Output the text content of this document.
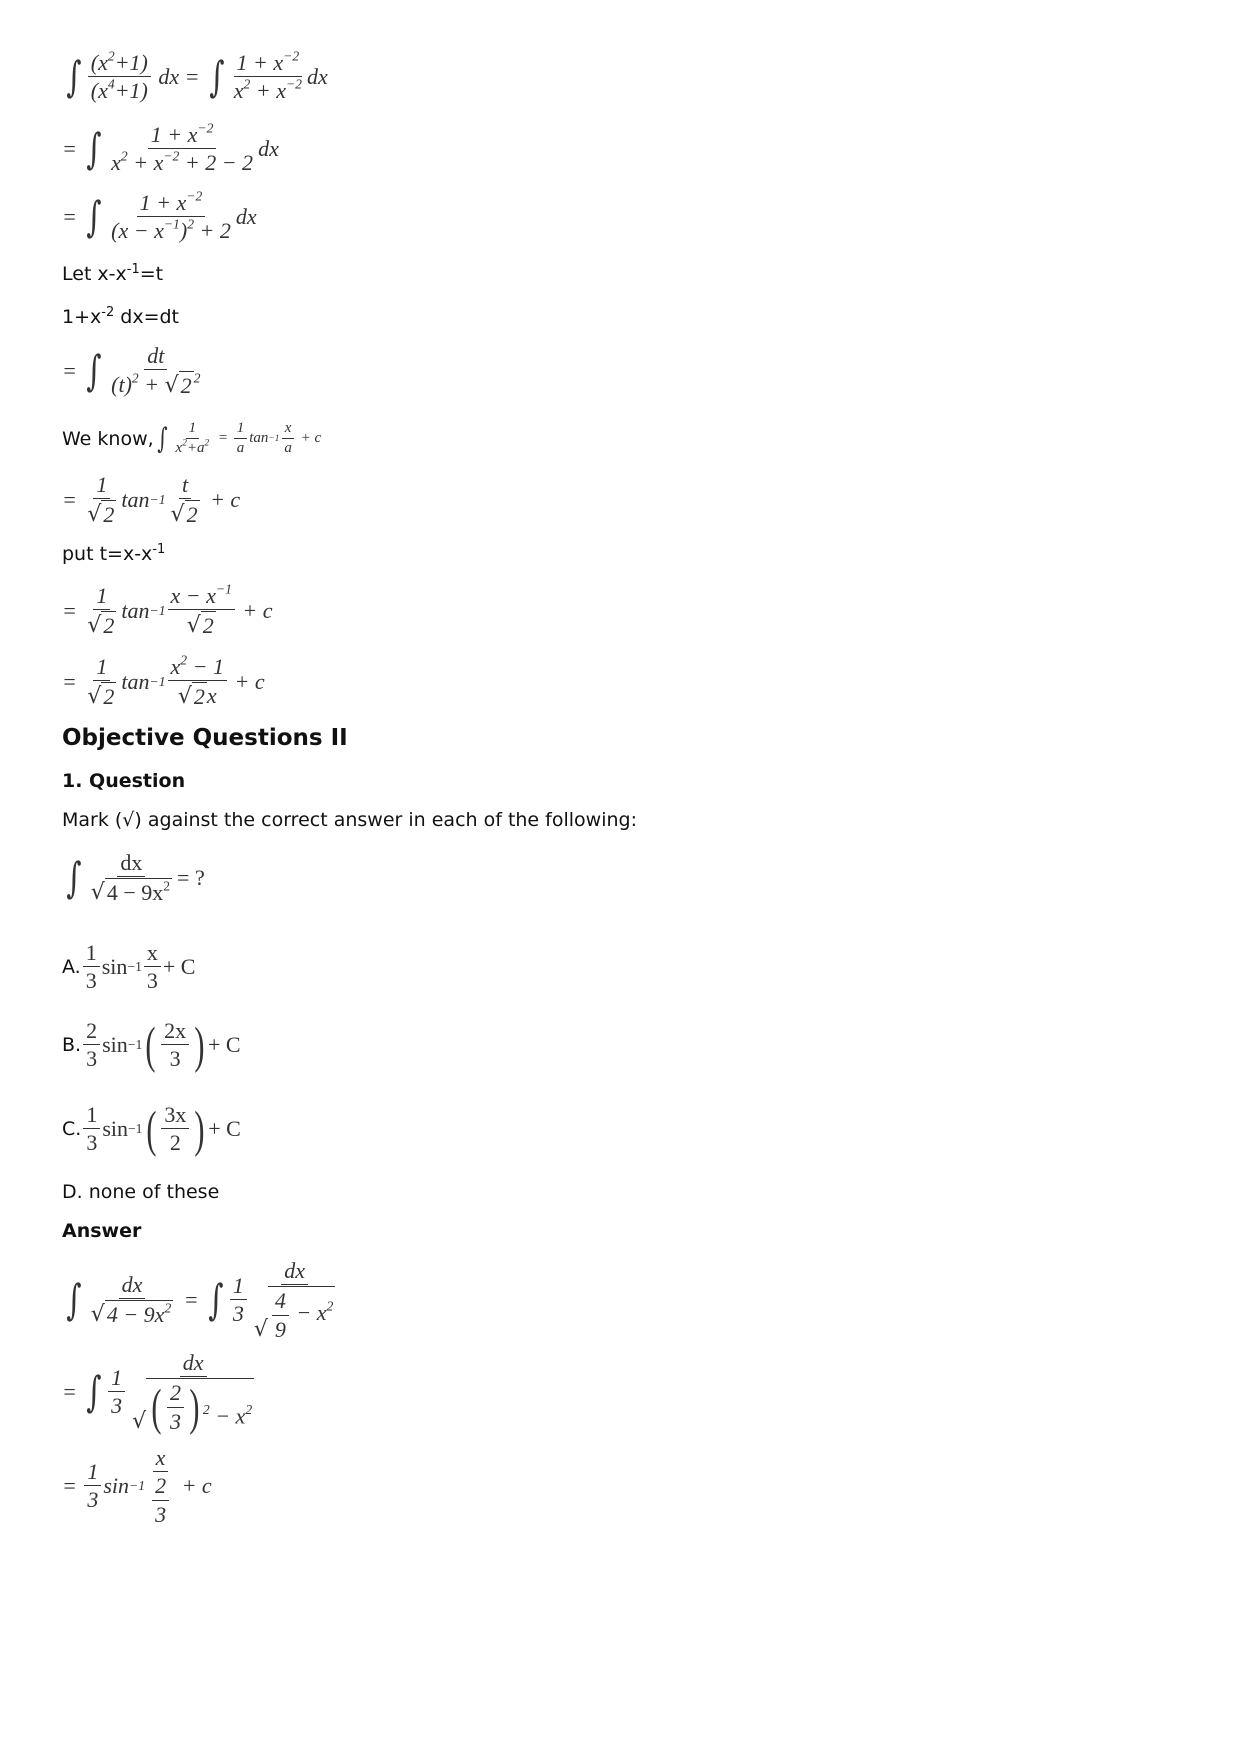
∫ $\frac{(x^2+1)}{(x^4+1)}$ dx = ∫ $\frac{1 + x^{-2}}{x^2 + x^{-2}}$ dx
= ∫ $\frac{1 + x^{-2}}{x^2 + x^{-2} + 2 - 2}$ dx
= ∫ $\frac{1 + x^{-2}}{(x - x^{-1})^2 + 2}$ dx
Let $x-x^{-1}=t$
$1+x^{-2}$ dx=dt
= ∫ $\frac{dt}{(t)^2 + √ 2 ^2}$
We know, ∫ $\frac{1}{x^2+a^2} = \frac{1}{a}$ $\tan -1 \frac{x}{a} + c$
= $\frac{1}{√ 2}$ $\tan -1 \frac{t}{√ 2} + c$
put $t=x-x^{-1}$
= $\frac{1}{√ 2}$ $\tan -1 \frac{x - x^{-1}}{√ 2} + c$
= $\frac{1}{√ 2}$ $\tan -1 \frac{x^2 - 1}{√ 2 x} + c$
Objective Questions II
1. Question
Mark (√) against the correct answer in each of the following:
∫ $\frac{dx}{√ 4 - 9x^2}$ = ?
A. $\frac{1}{3}$ $\sin -1 \frac{x}{3} + C$
B. $\frac{2}{3}$ sin −1 ( $\frac{2x}{3}$ ) + C
C. $\frac{1}{3}$ sin −1 ( $\frac{3x}{2}$ ) + C
D. none of these
Answer
∫ $\frac{dx}{√ 4 - 9x^2}$ = ∫ $\frac{1}{3} \frac{dx}{√ \frac{4}{9} - x^2}$
= ∫ $\frac{1}{3} \frac{dx}{√ ( \frac{2}{3} ) ^2 - x^2}$
= $\frac{1}{3}$ $\sin -1 \frac{x}{\frac{2}{3}} + c$
